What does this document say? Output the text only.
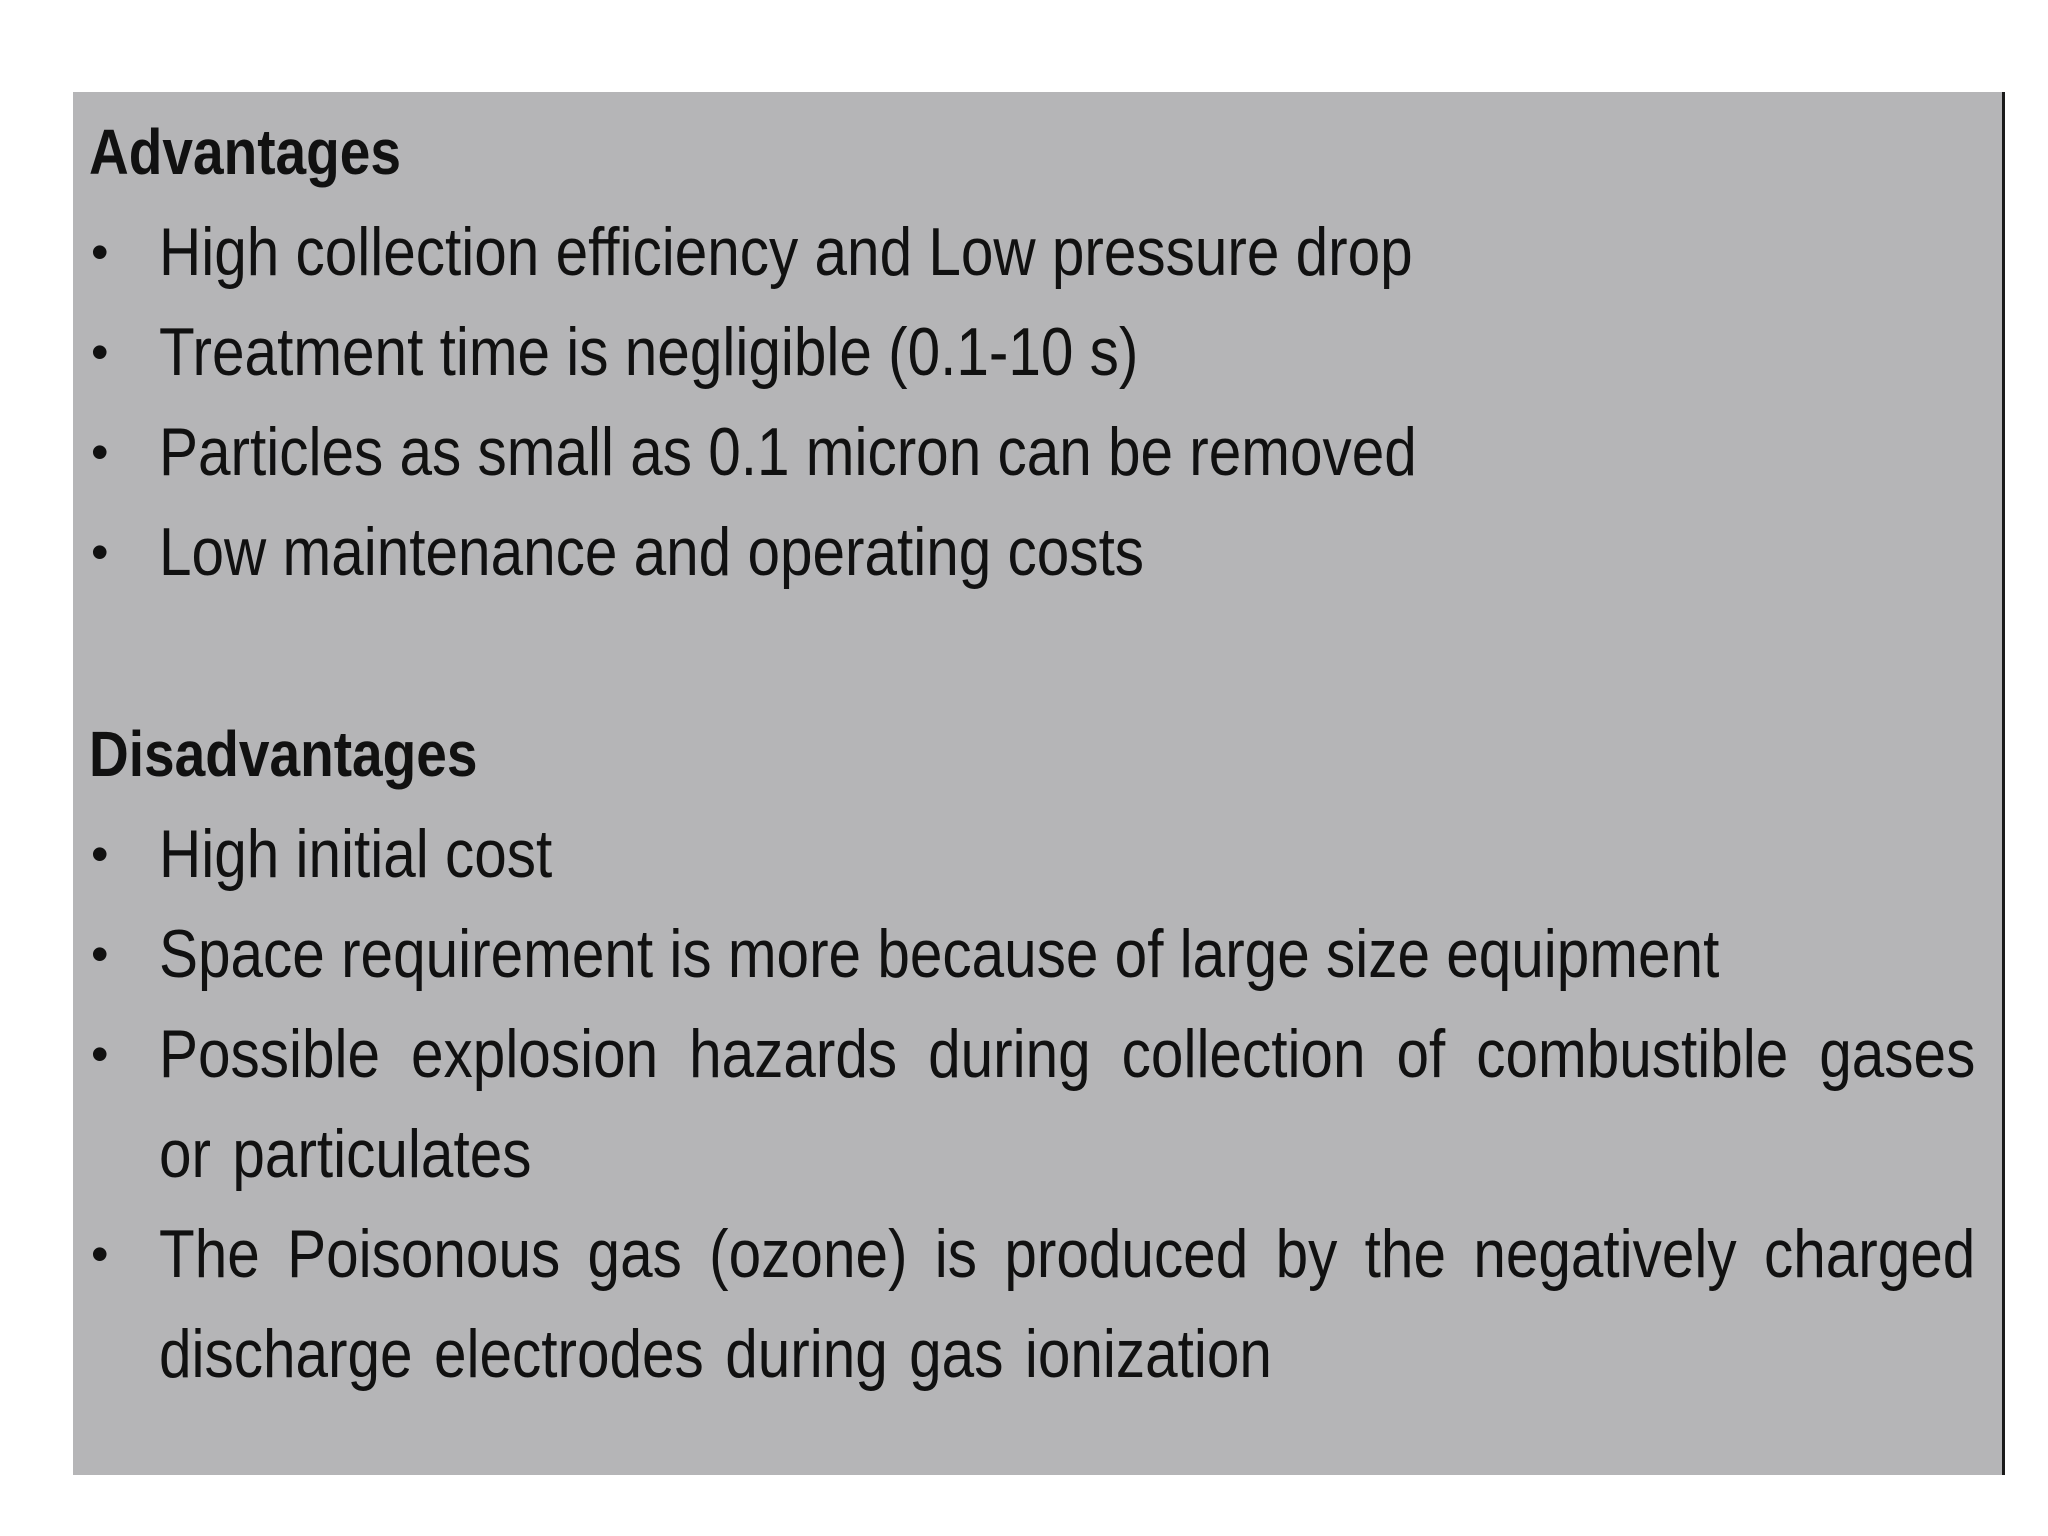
Advantages
• High collection efficiency and Low pressure drop
• Treatment time is negligible (0.1-10 s)
• Particles as small as 0.1 micron can be removed
• Low maintenance and operating costs
Disadvantages
• High initial cost
• Space requirement is more because of large size equipment
• Possible explosion hazards during collection of combustible gases or particulates
• The Poisonous gas (ozone) is produced by the negatively charged discharge electrodes during gas ionization
